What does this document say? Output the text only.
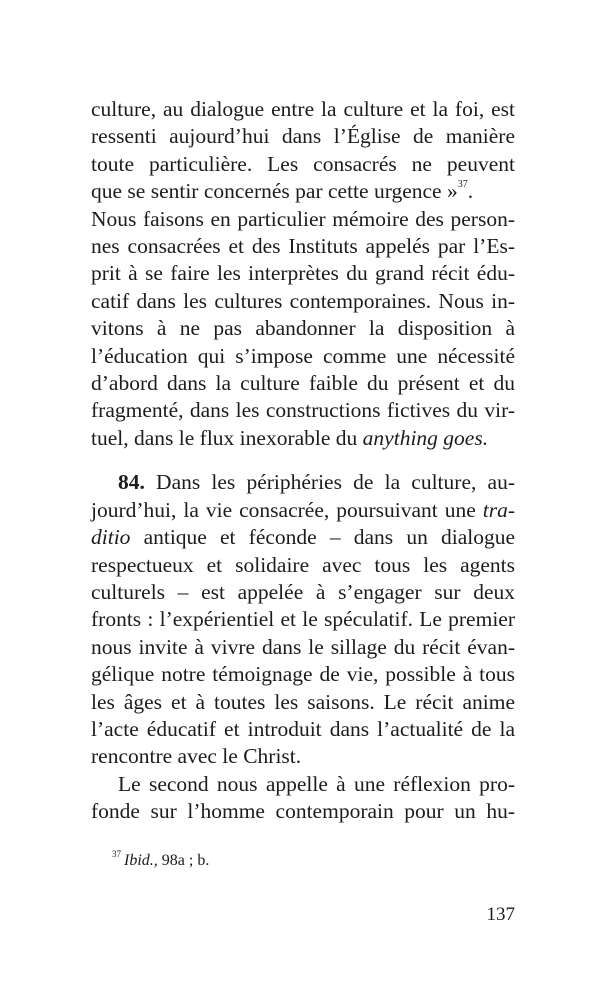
culture, au dialogue entre la culture et la foi, est
ressenti aujourd’hui dans l’Église de manière
toute particulière. Les consacrés ne peuvent
que se sentir concernés par cette urgence »$^{37}$.
Nous faisons en particulier mémoire des person-
nes consacrées et des Instituts appelés par l’Es-
prit à se faire les interprètes du grand récit édu-
catif dans les cultures contemporaines. Nous in-
vitons à ne pas abandonner la disposition à
l’éducation qui s’impose comme une nécessité
d’abord dans la culture faible du présent et du
fragmenté, dans les constructions fictives du vir-
tuel, dans le flux inexorable du anything goes.

84. Dans les périphéries de la culture, au-
jourd’hui, la vie consacrée, poursuivant une tra-
ditio antique et féconde – dans un dialogue
respectueux et solidaire avec tous les agents
culturels – est appelée à s’engager sur deux
fronts : l’expérientiel et le spéculatif. Le premier
nous invite à vivre dans le sillage du récit évan-
gélique notre témoignage de vie, possible à tous
les âges et à toutes les saisons. Le récit anime
l’acte éducatif et introduit dans l’actualité de la
rencontre avec le Christ.

Le second nous appelle à une réflexion pro-
fonde sur l’homme contemporain pour un hu-

$^{37}$ Ibid., 98a ; b.
137
